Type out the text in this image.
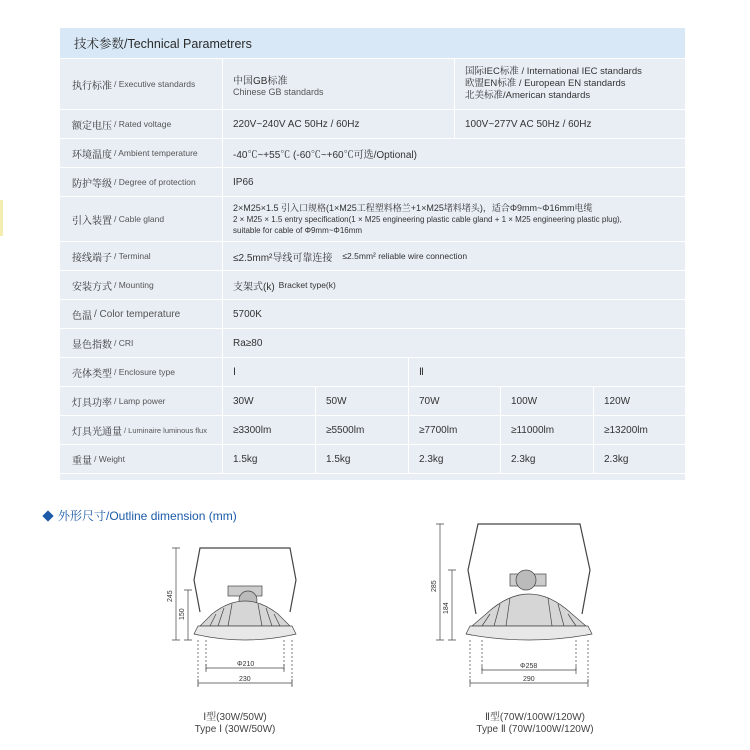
技术参数/Technical Parametrers
执行标准 / Executive standards	中国GB标准
Chinese GB standards
国际IEC标准 / International IEC standards
欧盟EN标准 / European EN standards
北美标准/American standards
额定电压 / Rated voltage	220V~240V AC 50Hz / 60Hz	100V~277V AC 50Hz / 60Hz
环境温度 / Ambient temperature	-40℃~+55℃ (-60℃~+60℃可选/Optional)
防护等级 / Degree of protection	IP66
引入装置 / Cable gland
2×M25×1.5 引入口规格(1×M25工程塑料格兰+1×M25堵料堵头)，适合Φ9mm~Φ16mm电缆
2 × M25 × 1.5 entry specification(1 × M25 engineering plastic cable gland + 1 × M25 engineering plastic plug),
suitable for cable of Φ9mm~Φ16mm
接线端子 / Terminal	≤2.5mm²导线可靠连接 ≤2.5mm² reliable wire connection
安装方式 / Mounting	支架式(k) Bracket type(k)
色温 / Color temperature	5700K
显色指数 / CRI	Ra≥80
壳体类型 / Enclosure type	Ⅰ	Ⅱ
灯具功率 / Lamp power	30W	50W	70W	100W	120W
灯具光通量 / Luminaire luminous flux	≥3300lm	≥5500lm	≥7700lm	≥11000lm	≥13200lm
重量 / Weight	1.5kg	1.5kg	2.3kg	2.3kg	2.3kg
外形尺寸/Outline dimension (mm)
245
150
Φ210
230
285
184
Φ258
290
Ⅰ型(30W/50W)
Type Ⅰ (30W/50W)
Ⅱ型(70W/100W/120W)
Type Ⅱ (70W/100W/120W)
